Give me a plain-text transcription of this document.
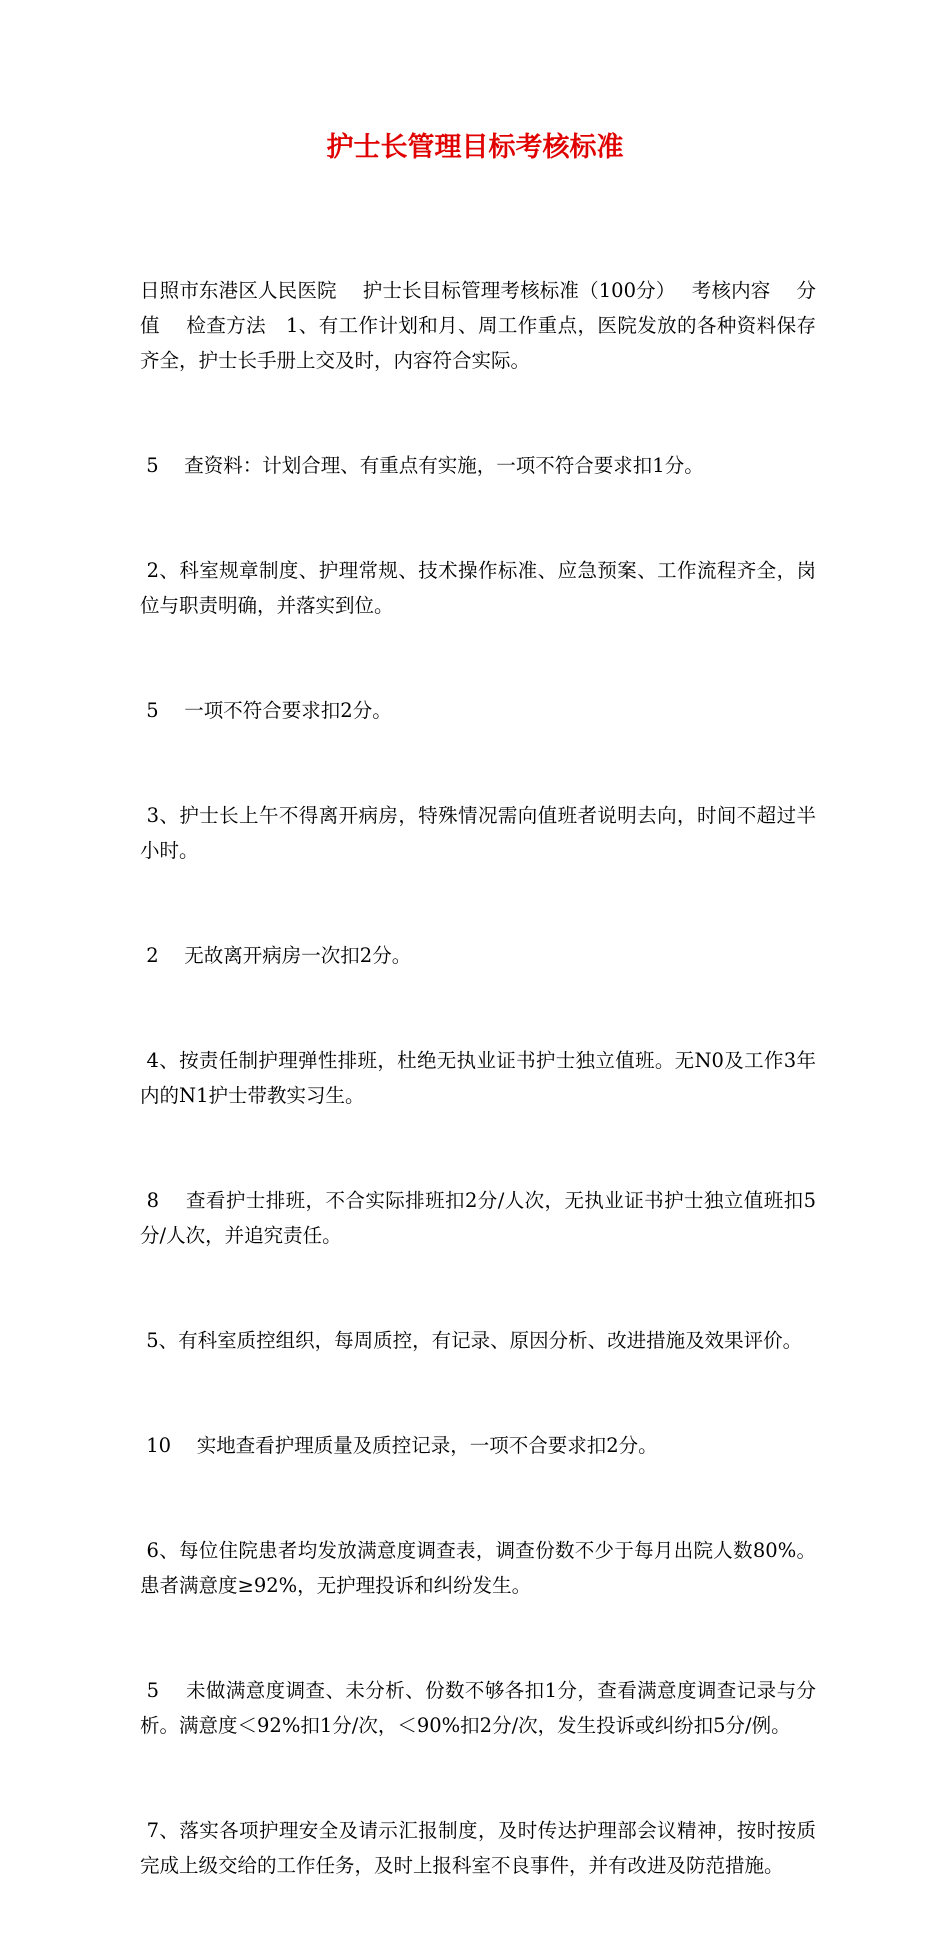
护士长管理目标考核标准

日照市东港区人民医院　 护士长目标管理考核标准（100分）　 考核内容　 分值　 检查方法　1、有工作计划和月、周工作重点，医院发放的各种资料保存齐全，护士长手册上交及时，内容符合实际。

5　 查资料：计划合理、有重点有实施，一项不符合要求扣1分。

2、科室规章制度、护理常规、技术操作标准、应急预案、工作流程齐全，岗位与职责明确，并落实到位。

5　 一项不符合要求扣2分。

3、护士长上午不得离开病房，特殊情况需向值班者说明去向，时间不超过半小时。

2　 无故离开病房一次扣2分。

4、按责任制护理弹性排班，杜绝无执业证书护士独立值班。无N0及工作3年内的N1护士带教实习生。

8　 查看护士排班，不合实际排班扣2分/人次，无执业证书护士独立值班扣5分/人次，并追究责任。

5、有科室质控组织，每周质控，有记录、原因分析、改进措施及效果评价。

10　 实地查看护理质量及质控记录，一项不合要求扣2分。

6、每位住院患者均发放满意度调查表，调查份数不少于每月出院人数80%。患者满意度≥92%，无护理投诉和纠纷发生。

5　 未做满意度调查、未分析、份数不够各扣1分，查看满意度调查记录与分析。满意度＜92%扣1分/次，＜90%扣2分/次，发生投诉或纠纷扣5分/例。

7、落实各项护理安全及请示汇报制度，及时传达护理部会议精神，按时按质完成上级交给的工作任务，及时上报科室不良事件，并有改进及防范措施。
